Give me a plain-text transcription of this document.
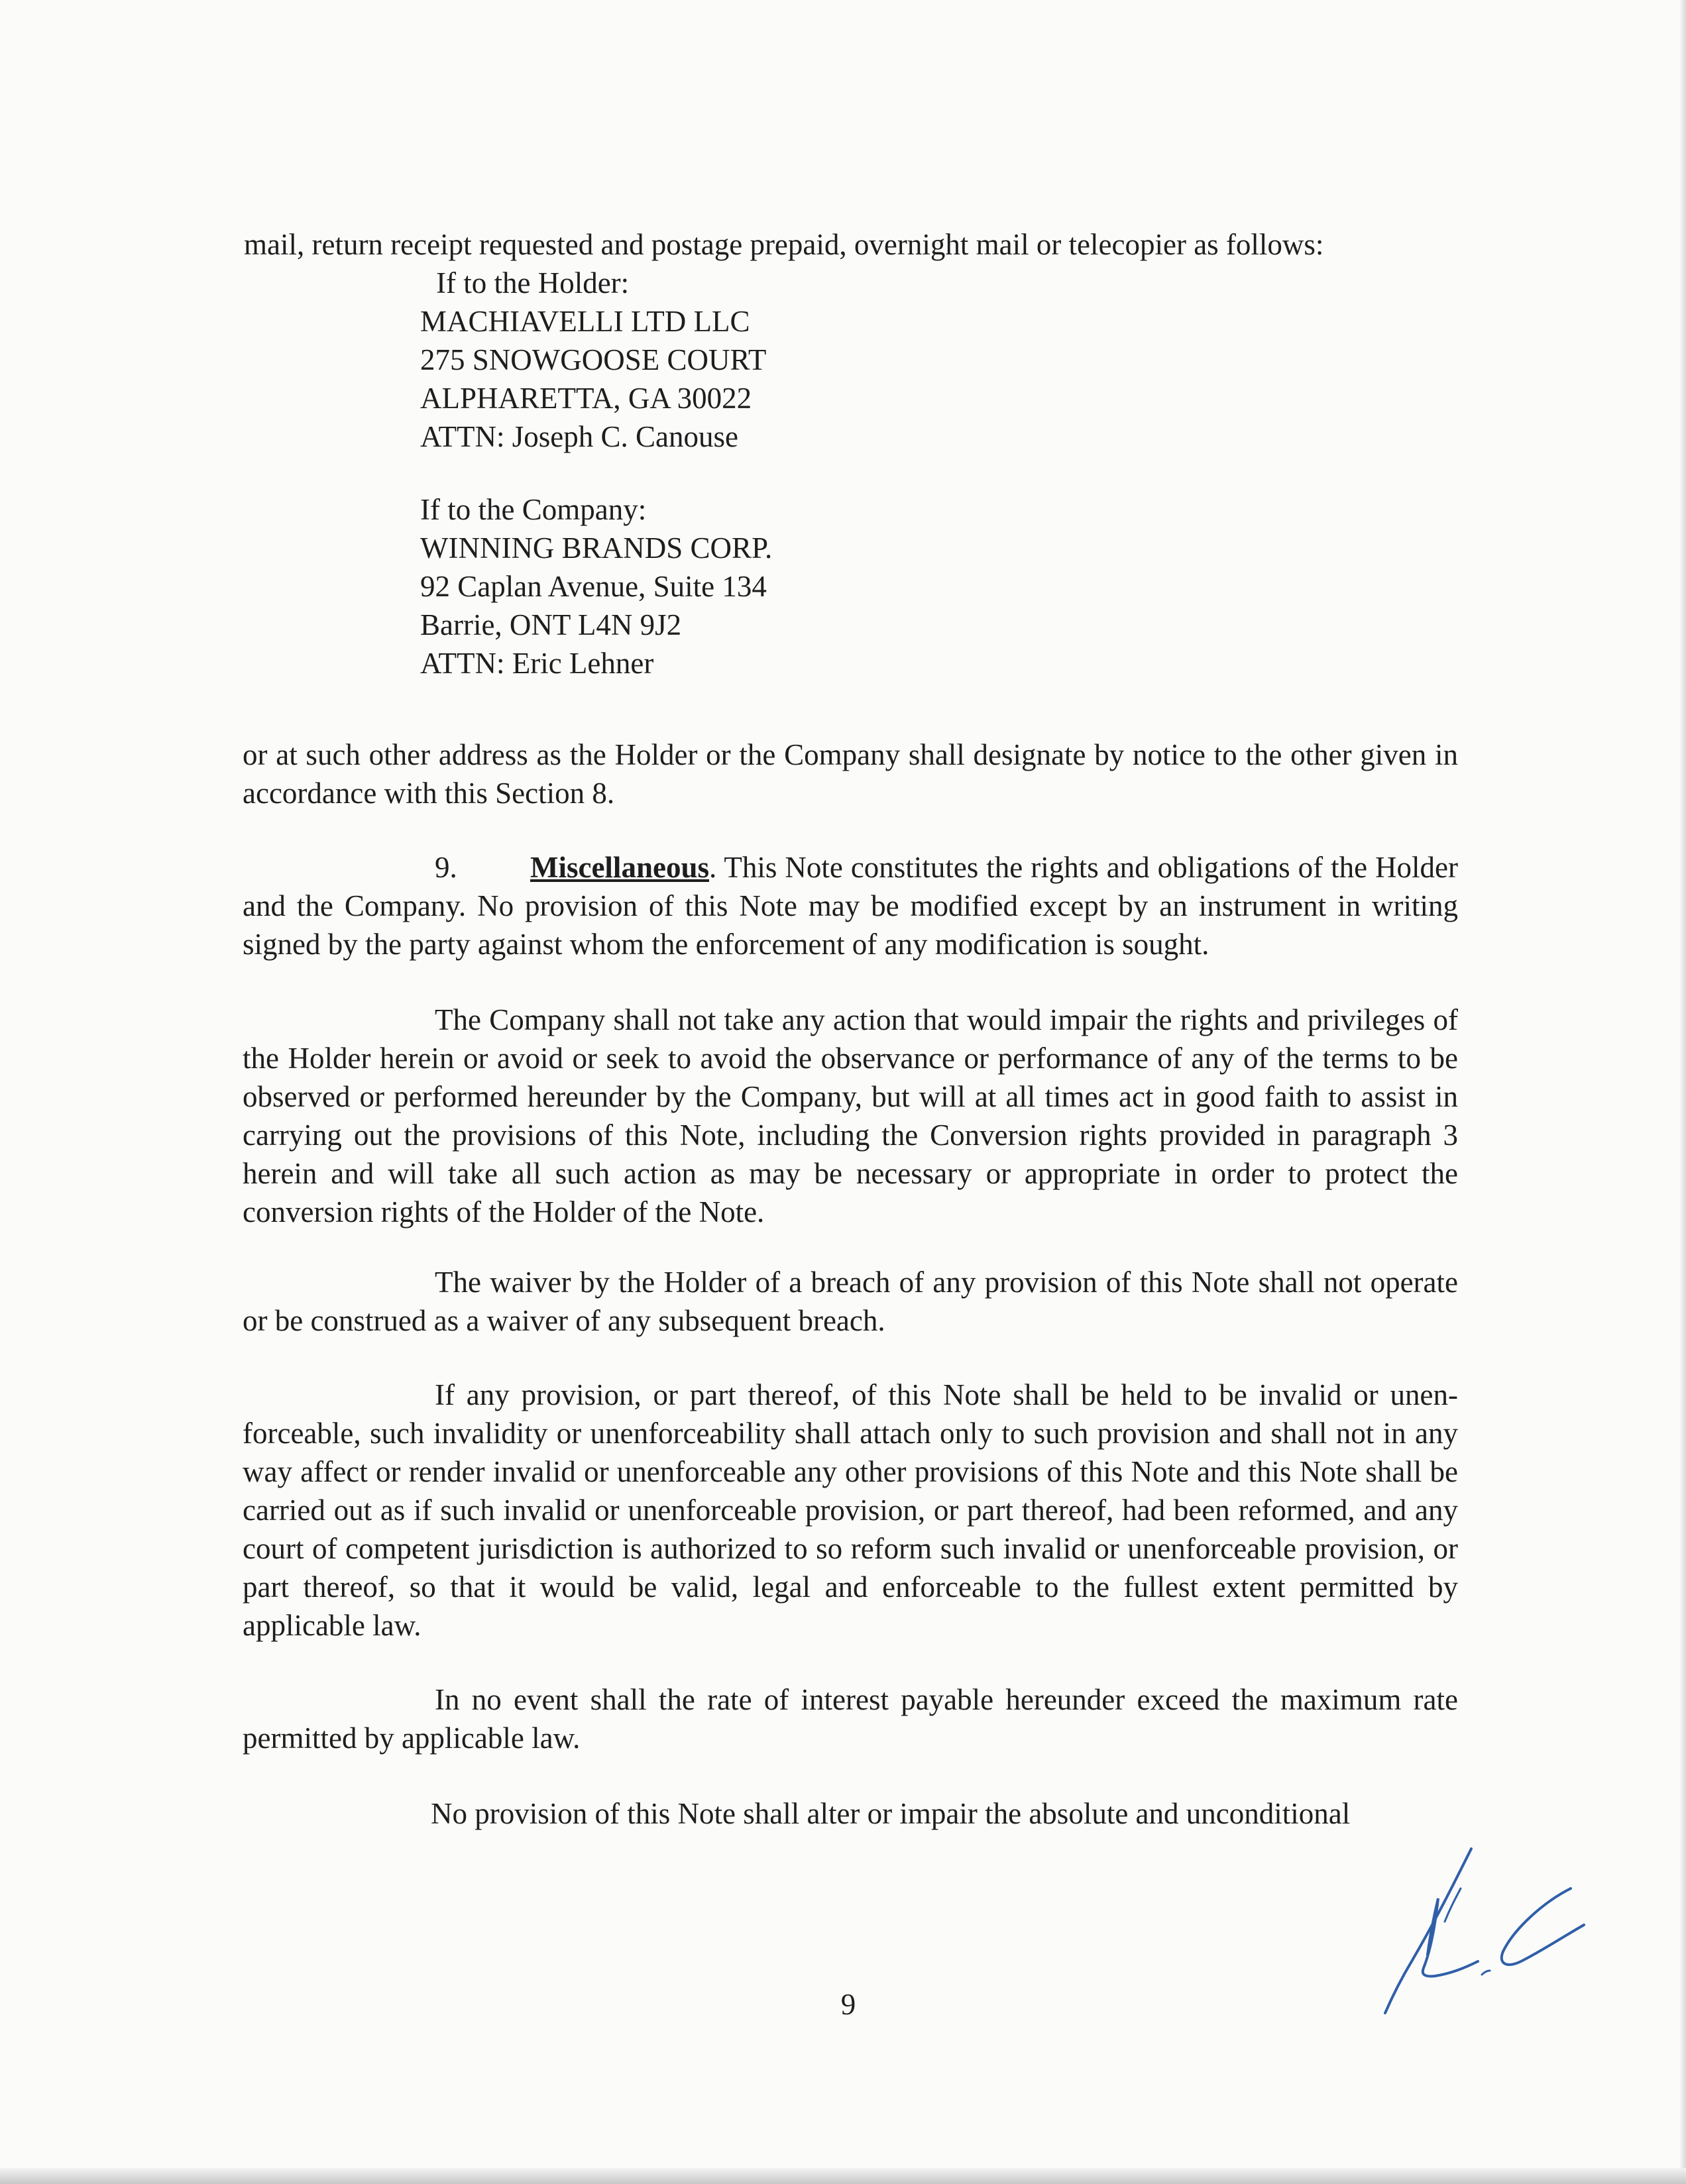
mail, return receipt requested and postage prepaid, overnight mail or telecopier as follows:
If to the Holder:
MACHIAVELLI LTD LLC
275 SNOWGOOSE COURT
ALPHARETTA, GA 30022
ATTN: Joseph C. Canouse
If to the Company:
WINNING BRANDS CORP.
92 Caplan Avenue, Suite 134
Barrie, ONT L4N 9J2
ATTN: Eric Lehner
or at such other address as the Holder or the Company shall designate by notice to the other given in accordance with this Section 8.
9. Miscellaneous. This Note constitutes the rights and obligations of the Holder and the Company. No provision of this Note may be modified except by an instrument in writing signed by the party against whom the enforcement of any modification is sought.
The Company shall not take any action that would impair the rights and privileges of the Holder herein or avoid or seek to avoid the observance or performance of any of the terms to be observed or performed hereunder by the Company, but will at all times act in good faith to assist in carrying out the provisions of this Note, including the Conversion rights provided in paragraph 3 herein and will take all such action as may be necessary or appropriate in order to protect the conversion rights of the Holder of the Note.
The waiver by the Holder of a breach of any provision of this Note shall not operate or be construed as a waiver of any subsequent breach.
If any provision, or part thereof, of this Note shall be held to be invalid or unen-forceable, such invalidity or unenforceability shall attach only to such provision and shall not in any way affect or render invalid or unenforceable any other provisions of this Note and this Note shall be carried out as if such invalid or unenforceable provision, or part thereof, had been reformed, and any court of competent jurisdiction is authorized to so reform such invalid or unenforceable provision, or part thereof, so that it would be valid, legal and enforceable to the fullest extent permitted by applicable law.
In no event shall the rate of interest payable hereunder exceed the maximum rate permitted by applicable law.
No provision of this Note shall alter or impair the absolute and unconditional
9
